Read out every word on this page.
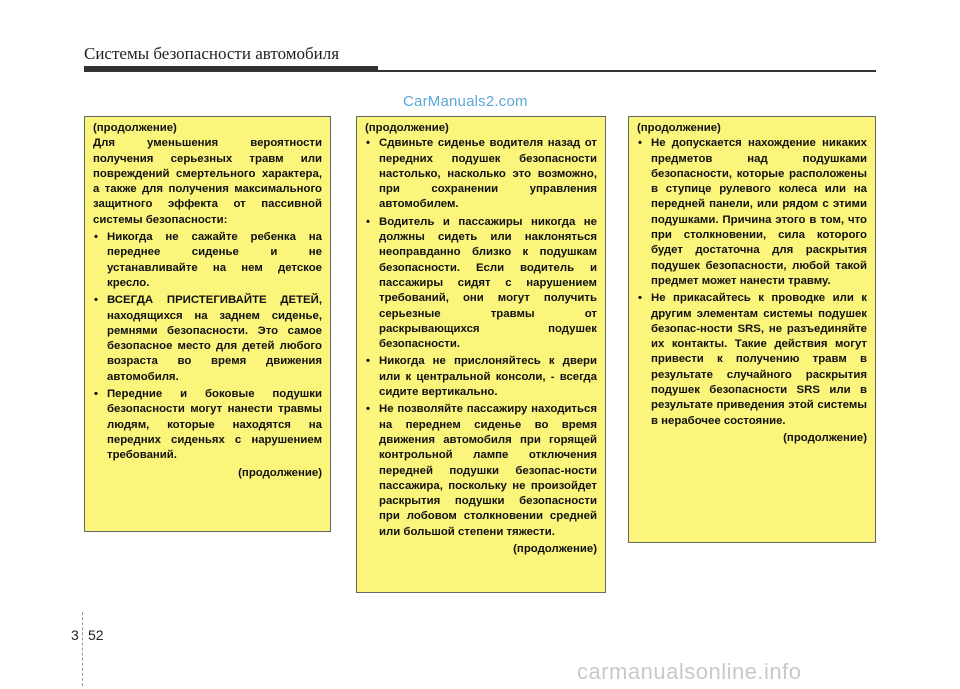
Системы безопасности автомобиля
CarManuals2.com

(продолжение)

Для уменьшения вероятности получения серьезных травм или повреждений смертельного характера, а также для получения максимального защитного эффекта от пассивной системы безопасности:

• Никогда не сажайте ребенка на переднее сиденье и не устанавливайте на нем детское кресло.
• ВСЕГДА ПРИСТЕГИВАЙТЕ ДЕТЕЙ, находящихся на заднем сиденье, ремнями безопасности. Это самое безопасное место для детей любого возраста во время движения автомобиля.
• Передние и боковые подушки безопасности могут нанести травмы людям, которые находятся на передних сиденьях с нарушением требований.

(продолжение)

(продолжение)

• Сдвиньте сиденье водителя назад от передних подушек безопасности настолько, насколько это возможно, при сохранении управления автомобилем.
• Водитель и пассажиры никогда не должны сидеть или наклоняться неоправданно близко к подушкам безопасности. Если водитель и пассажиры сидят с нарушением требований, они могут получить серьезные травмы от раскрывающихся подушек безопасности.
• Никогда не прислоняйтесь к двери или к центральной консоли, - всегда сидите вертикально.
• Не позволяйте пассажиру находиться на переднем сиденье во время движения автомобиля при горящей контрольной лампе отключения передней подушки безопас-ности пассажира, поскольку не произойдет раскрытия подушки безопасности при лобовом столкновении средней или большой степени тяжести.

(продолжение)

(продолжение)

• Не допускается нахождение никаких предметов над подушками безопасности, которые расположены в ступице рулевого колеса или на передней панели, или рядом с этими подушками. Причина этого в том, что при столкновении, сила которого будет достаточна для раскрытия подушек безопасности, любой такой предмет может нанести травму.
• Не прикасайтесь к проводке или к другим элементам системы подушек безопас-ности SRS, не разъединяйте их контакты. Такие действия могут привести к получению травм в результате случайного раскрытия подушек безопасности SRS или в результате приведения этой системы в нерабочее состояние.

(продолжение)

3 52
carmanualsonline.info
